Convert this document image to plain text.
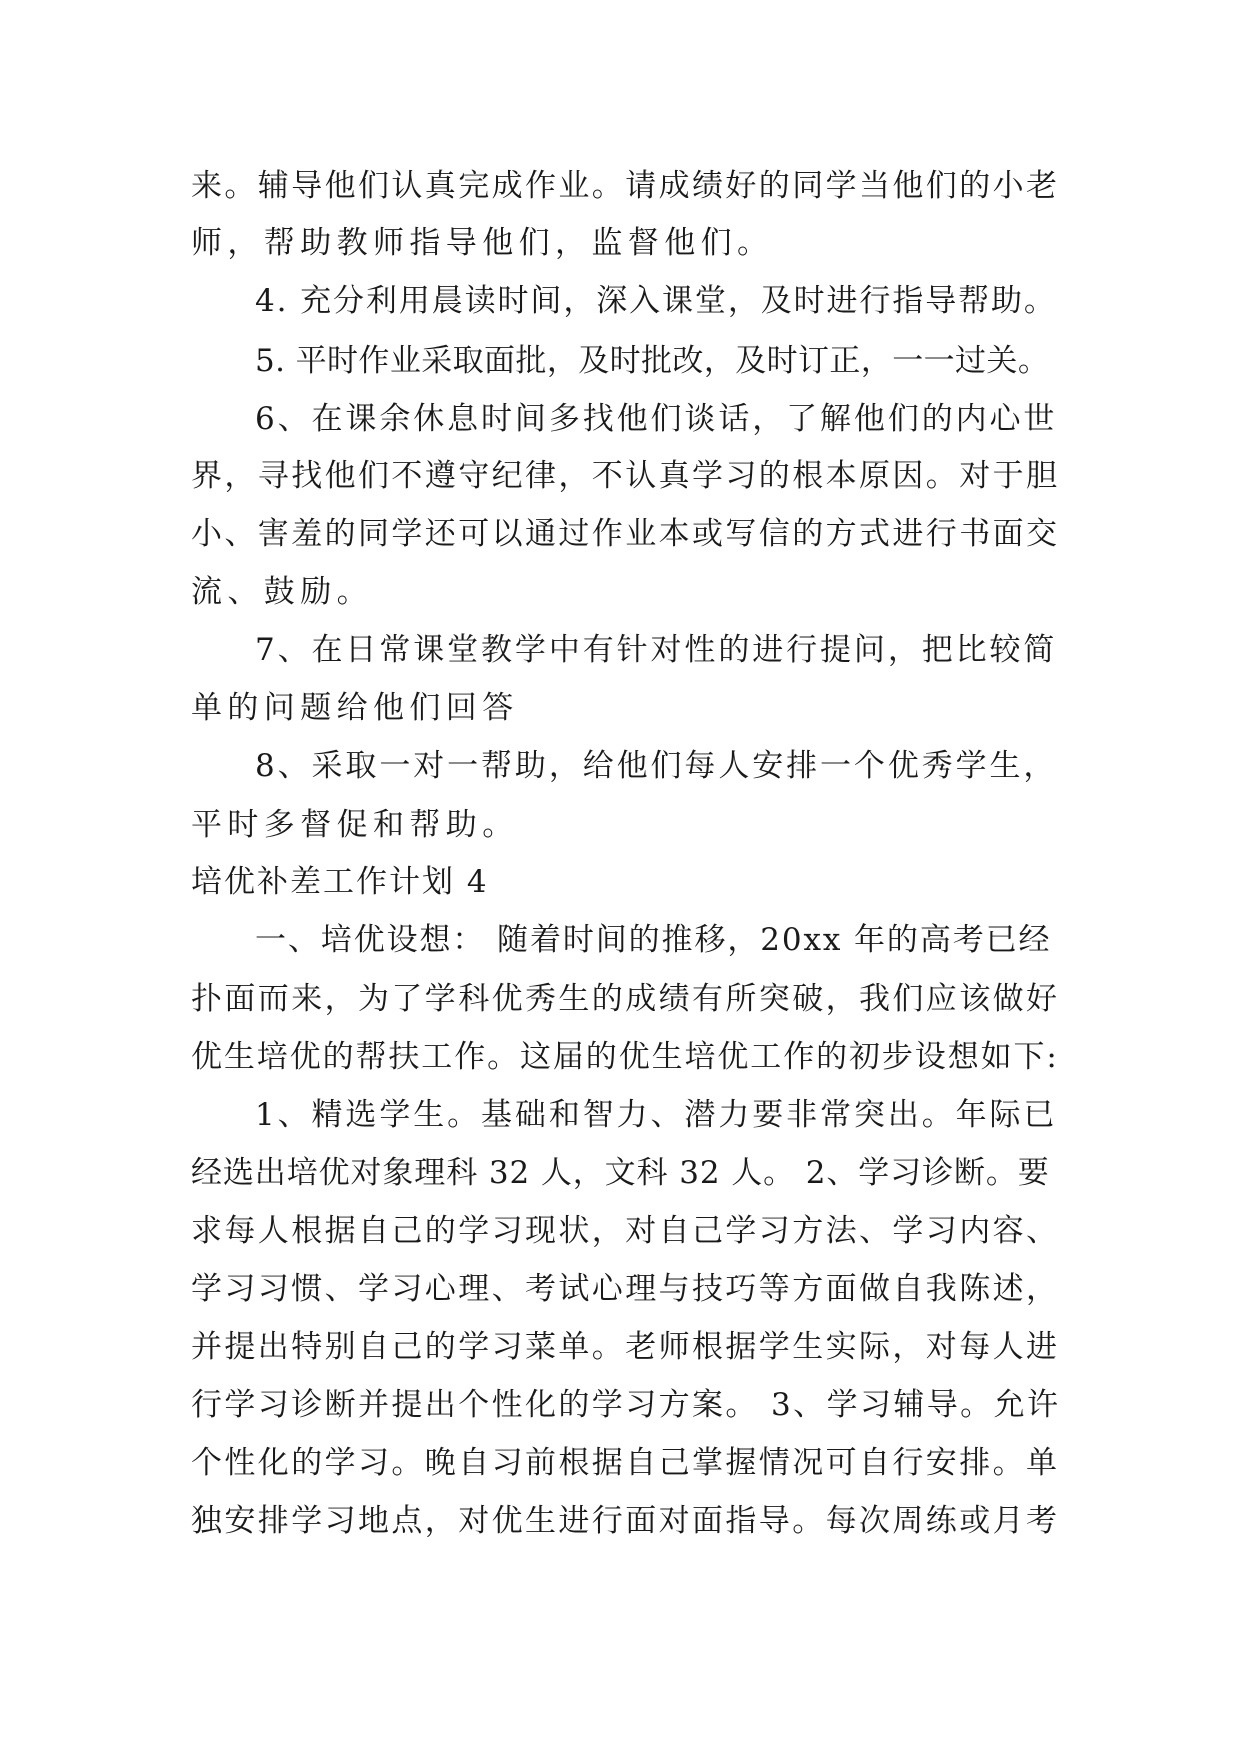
来。辅导他们认真完成作业。请成绩好的同学当他们的小老
师，帮助教师指导他们，监督他们。
4. 充分利用晨读时间，深入课堂，及时进行指导帮助。
5. 平时作业采取面批，及时批改，及时订正，一一过关。
6、在课余休息时间多找他们谈话，了解他们的内心世
界，寻找他们不遵守纪律，不认真学习的根本原因。对于胆
小、害羞的同学还可以通过作业本或写信的方式进行书面交
流、鼓励。
7、在日常课堂教学中有针对性的进行提问，把比较简
单的问题给他们回答
8、采取一对一帮助，给他们每人安排一个优秀学生，
平时多督促和帮助。
培优补差工作计划 4
一、培优设想： 随着时间的推移，20xx 年的高考已经
扑面而来，为了学科优秀生的成绩有所突破，我们应该做好
优生培优的帮扶工作。这届的优生培优工作的初步设想如下:
1、精选学生。基础和智力、潜力要非常突出。年际已
经选出培优对象理科 32 人，文科 32 人。 2、学习诊断。要
求每人根据自己的学习现状，对自己学习方法、学习内容、
学习习惯、学习心理、考试心理与技巧等方面做自我陈述，
并提出特别自己的学习菜单。老师根据学生实际，对每人进
行学习诊断并提出个性化的学习方案。 3、学习辅导。允许
个性化的学习。晚自习前根据自己掌握情况可自行安排。单
独安排学习地点，对优生进行面对面指导。每次周练或月考
